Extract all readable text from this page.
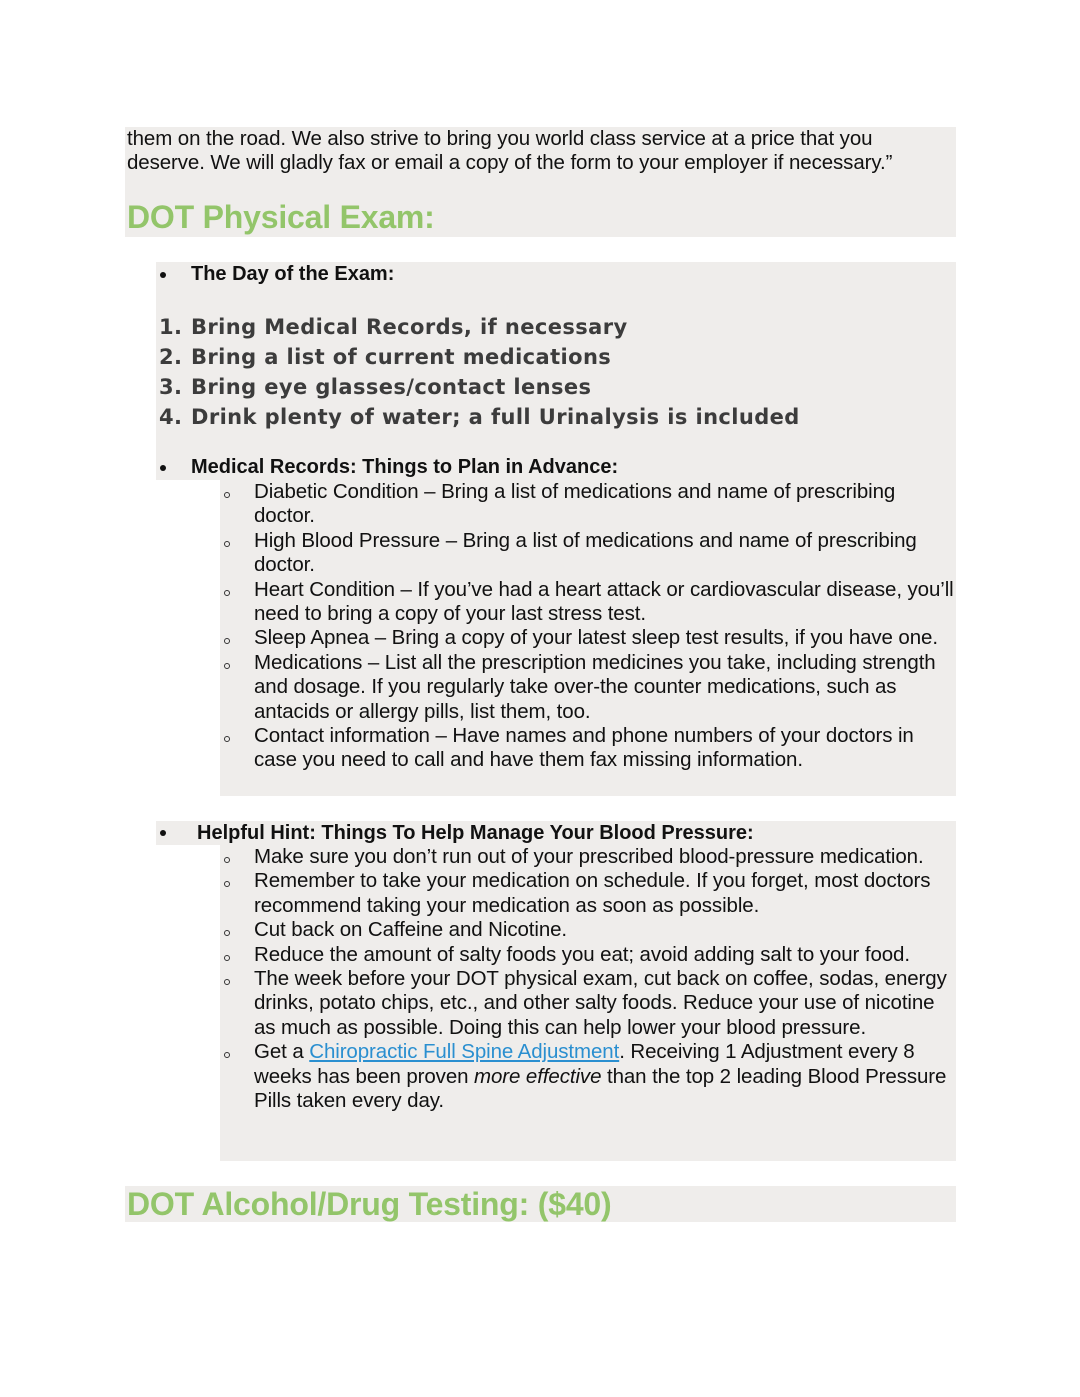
them on the road. We also strive to bring you world class service at a price that you deserve. We will gladly fax or email a copy of the form to your employer if necessary.”

DOT Physical Exam:

The Day of the Exam:

1. Bring Medical Records, if necessary

2. Bring a list of current medications

3. Bring eye glasses/contact lenses

4. Drink plenty of water; a full Urinalysis is included

Medical Records: Things to Plan in Advance:

Diabetic Condition – Bring a list of medications and name of prescribing doctor.
High Blood Pressure – Bring a list of medications and name of prescribing doctor.
Heart Condition – If you’ve had a heart attack or cardiovascular disease, you’ll need to bring a copy of your last stress test.
Sleep Apnea – Bring a copy of your latest sleep test results, if you have one.
Medications – List all the prescription medicines you take, including strength and dosage. If you regularly take over-the counter medications, such as antacids or allergy pills, list them, too.
Contact information – Have names and phone numbers of your doctors in case you need to call and have them fax missing information.

Helpful Hint: Things To Help Manage Your Blood Pressure:

Make sure you don’t run out of your prescribed blood-pressure medication.
Remember to take your medication on schedule. If you forget, most doctors recommend taking your medication as soon as possible.
Cut back on Caffeine and Nicotine.
Reduce the amount of salty foods you eat; avoid adding salt to your food.
The week before your DOT physical exam, cut back on coffee, sodas, energy drinks, potato chips, etc., and other salty foods. Reduce your use of nicotine as much as possible. Doing this can help lower your blood pressure.
Get a Chiropractic Full Spine Adjustment. Receiving 1 Adjustment every 8 weeks has been proven more effective than the top 2 leading Blood Pressure Pills taken every day.
DOT Alcohol/Drug Testing: ($40)
